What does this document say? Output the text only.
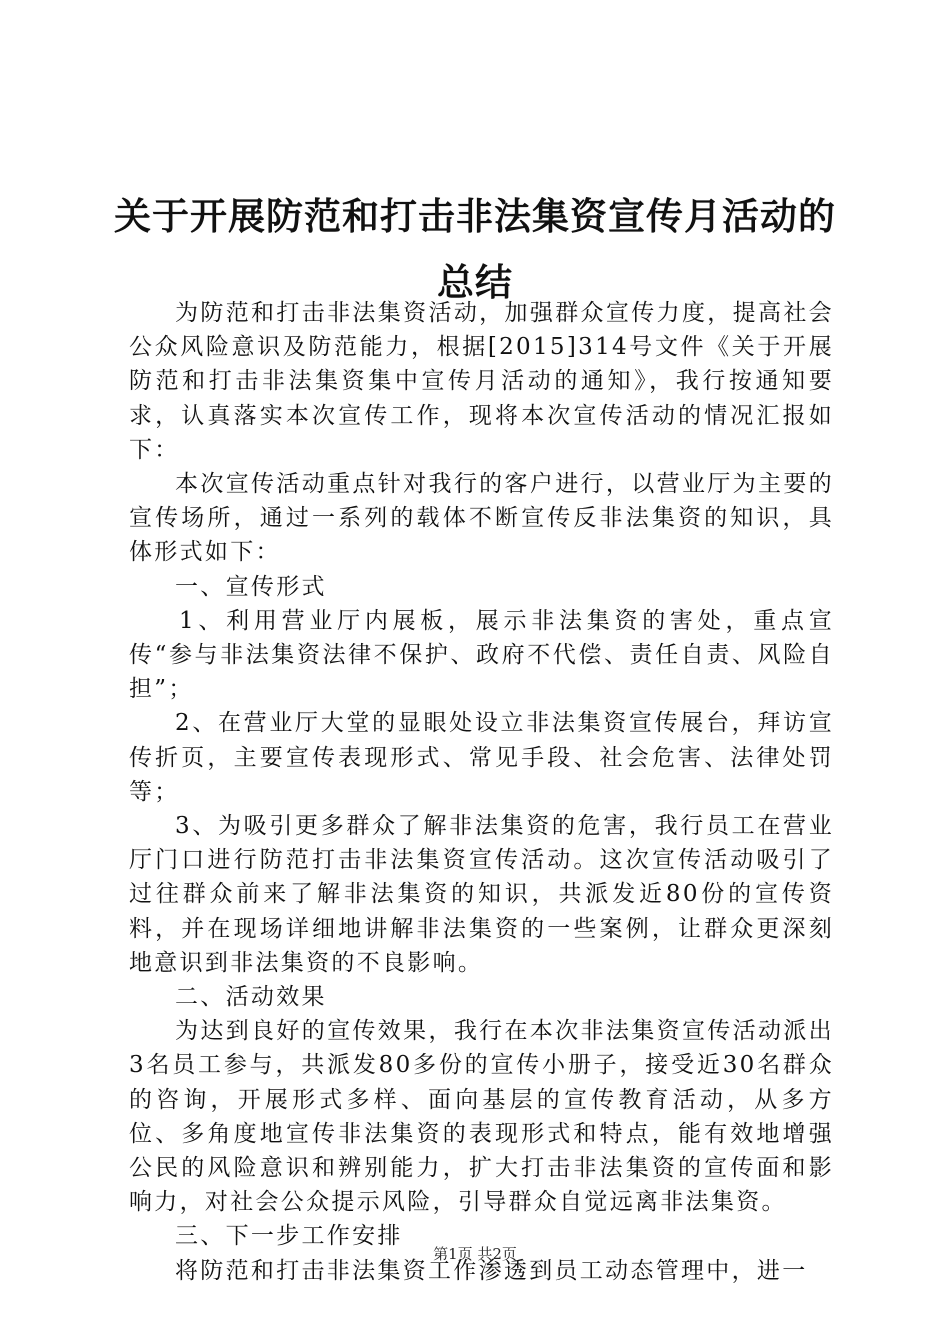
关于开展防范和打击非法集资宣传月活动的总结

为防范和打击非法集资活动，加强群众宣传力度，提高社会公众风险意识及防范能力，根据[2015]314号文件《关于开展防范和打击非法集资集中宣传月活动的通知》，我行按通知要求，认真落实本次宣传工作，现将本次宣传活动的情况汇报如下：

本次宣传活动重点针对我行的客户进行，以营业厅为主要的宣传场所，通过一系列的载体不断宣传反非法集资的知识，具体形式如下：

一、宣传形式

1、利用营业厅内展板，展示非法集资的害处，重点宣传“参与非法集资法律不保护、政府不代偿、责任自责、风险自担”；

2、在营业厅大堂的显眼处设立非法集资宣传展台，拜访宣传折页，主要宣传表现形式、常见手段、社会危害、法律处罚等；

3、为吸引更多群众了解非法集资的危害，我行员工在营业厅门口进行防范打击非法集资宣传活动。这次宣传活动吸引了过往群众前来了解非法集资的知识，共派发近80份的宣传资料，并在现场详细地讲解非法集资的一些案例，让群众更深刻地意识到非法集资的不良影响。

二、活动效果

为达到良好的宣传效果，我行在本次非法集资宣传活动派出3名员工参与，共派发80多份的宣传小册子，接受近30名群众的咨询，开展形式多样、面向基层的宣传教育活动，从多方位、多角度地宣传非法集资的表现形式和特点，能有效地增强公民的风险意识和辨别能力，扩大打击非法集资的宣传面和影响力，对社会公众提示风险，引导群众自觉远离非法集资。

三、下一步工作安排

将防范和打击非法集资工作渗透到员工动态管理中，进一

第1页 共2页
